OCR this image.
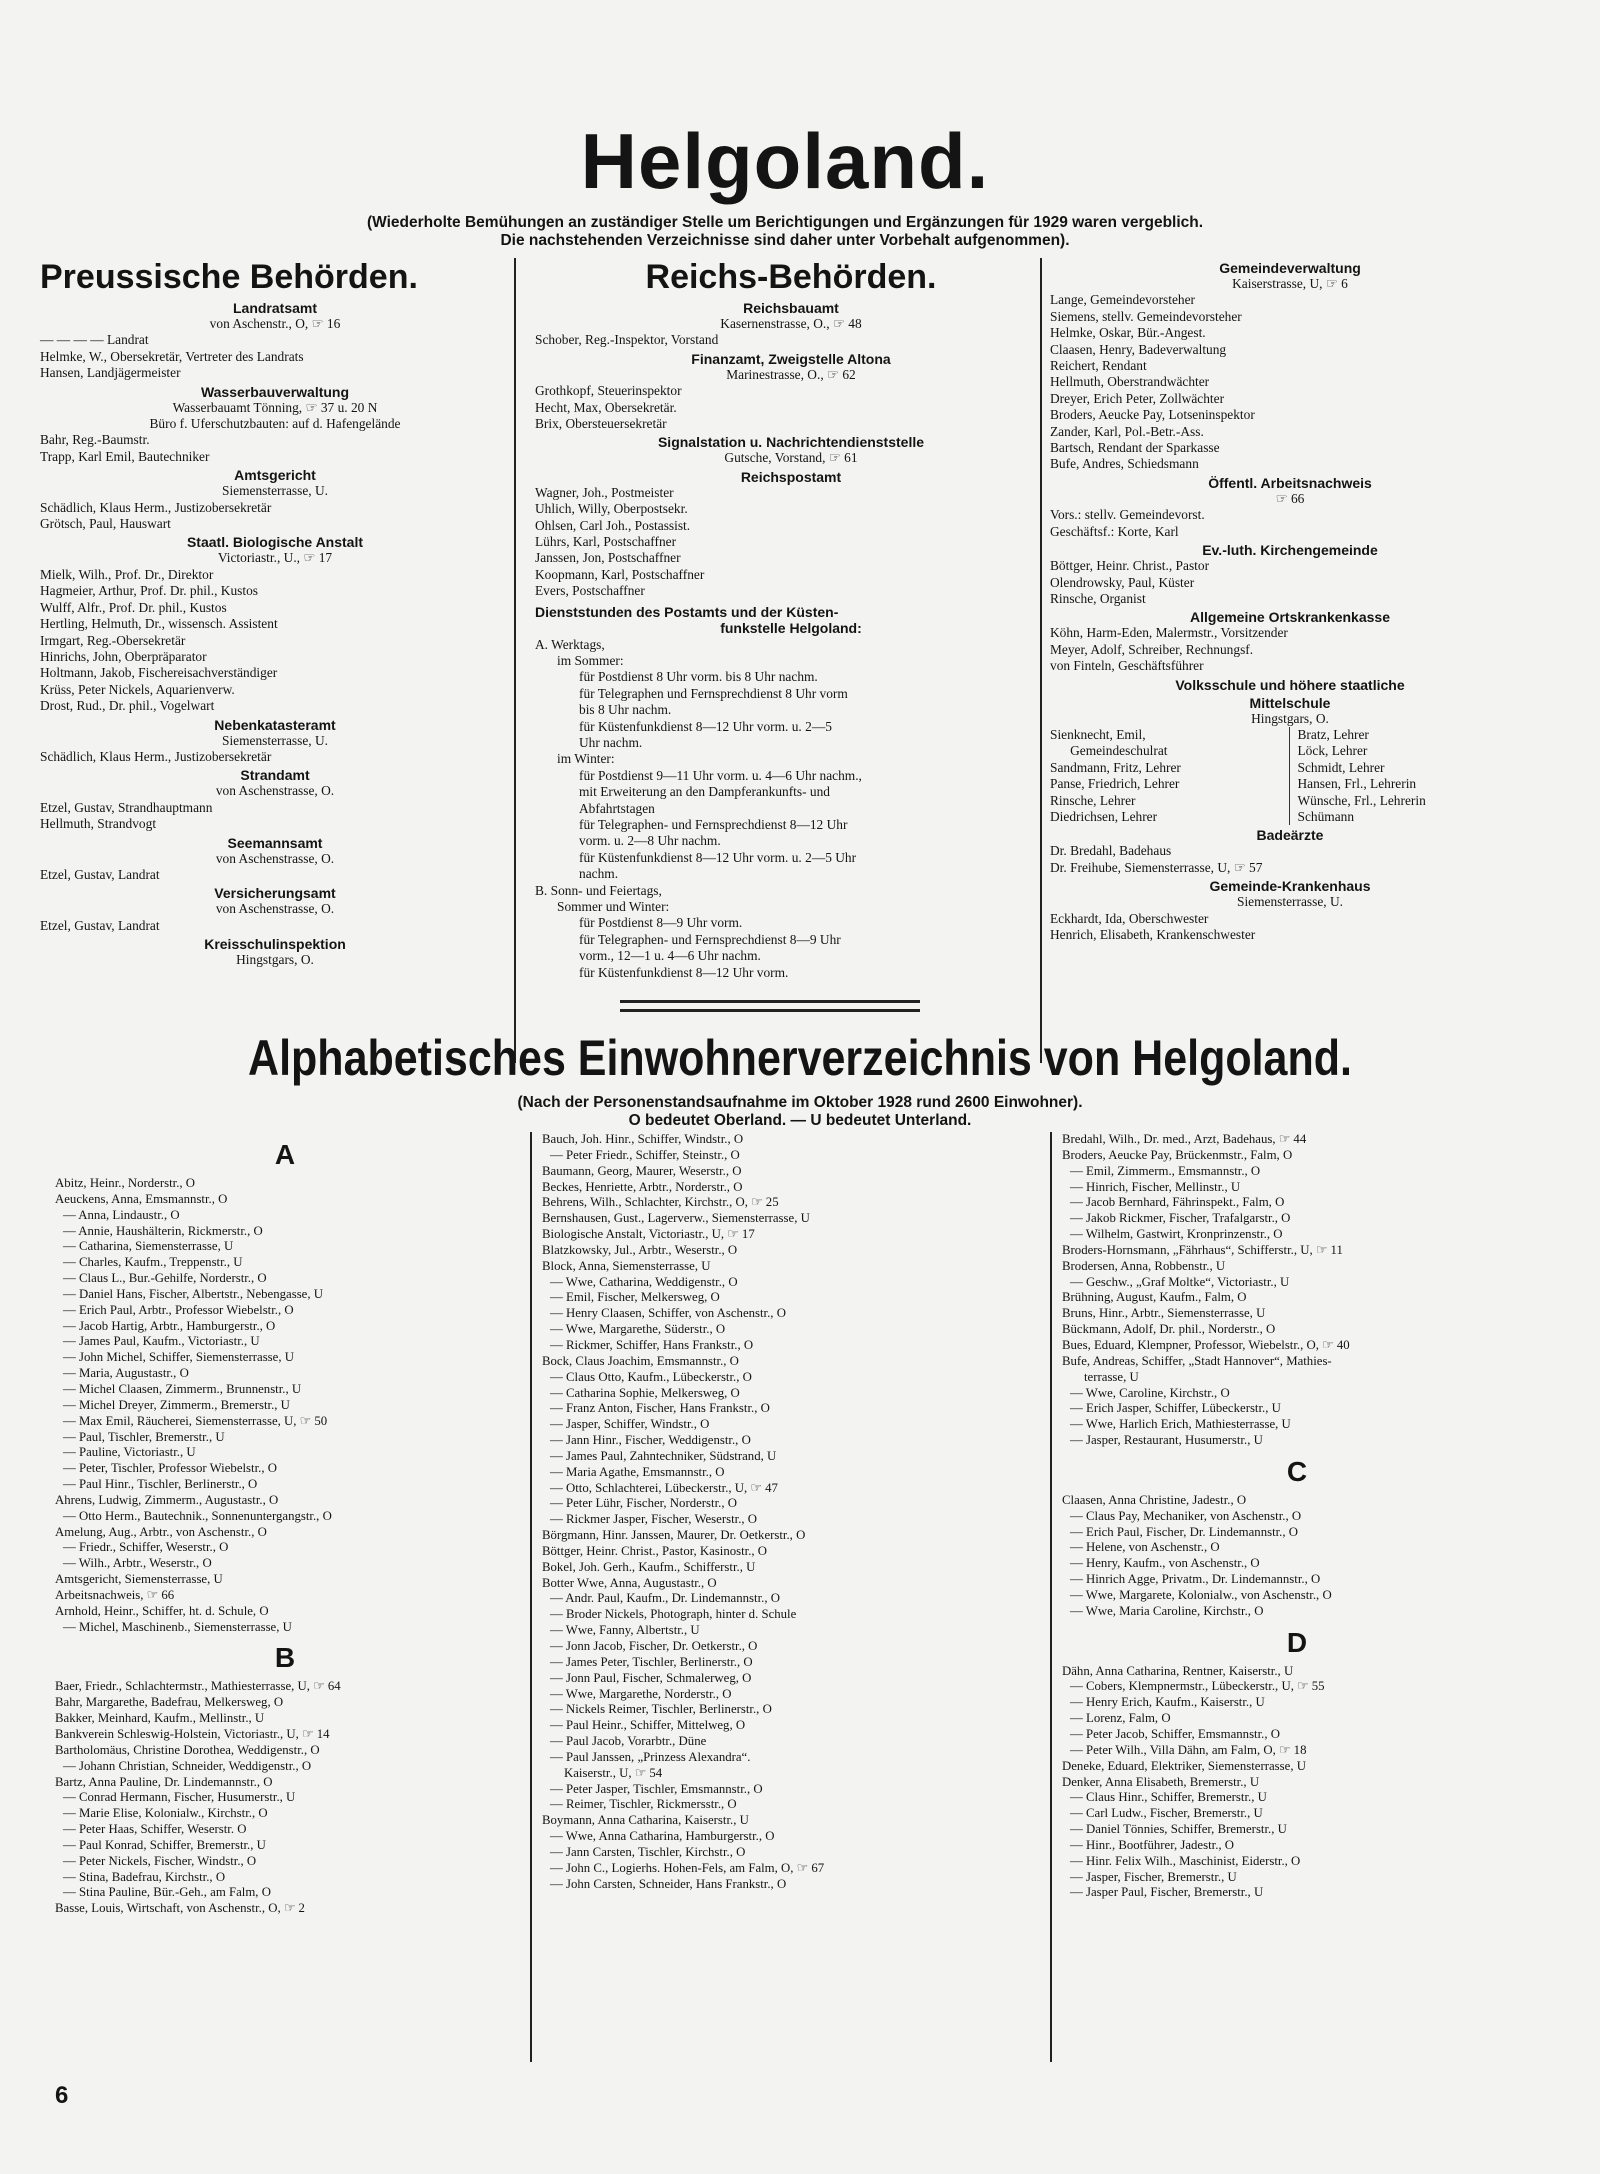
Helgoland.
(Wiederholte Bemühungen an zuständiger Stelle um Berichtigungen und Ergänzungen für 1929 waren vergeblich.
Die nachstehenden Verzeichnisse sind daher unter Vorbehalt aufgenommen).
Preussische Behörden.
Landratsamt
von Aschenstr., O, ☞ 16
— — — — Landrat
Helmke, W., Obersekretär, Vertreter des Landrats
Hansen, Landjägermeister
Wasserbauverwaltung
Wasserbauamt Tönning, ☞ 37 u. 20 N
Büro f. Uferschutzbauten: auf d. Hafengelände
Bahr, Reg.-Baumstr.
Trapp, Karl Emil, Bautechniker
Amtsgericht
Siemensterrasse, U.
Schädlich, Klaus Herm., Justizobersekretär
Grötsch, Paul, Hauswart
Staatl. Biologische Anstalt
Victoriastr., U., ☞ 17
Mielk, Wilh., Prof. Dr., Direktor
Hagmeier, Arthur, Prof. Dr. phil., Kustos
Wulff, Alfr., Prof. Dr. phil., Kustos
Hertling, Helmuth, Dr., wissensch. Assistent
Irmgart, Reg.-Obersekretär
Hinrichs, John, Oberpräparator
Holtmann, Jakob, Fischereisachverständiger
Krüss, Peter Nickels, Aquarienverw.
Drost, Rud., Dr. phil., Vogelwart
Nebenkatasteramt
Siemensterrasse, U.
Schädlich, Klaus Herm., Justizobersekretär
Strandamt
von Aschenstrasse, O.
Etzel, Gustav, Strandhauptmann
Hellmuth, Strandvogt
Seemannsamt
von Aschenstrasse, O.
Etzel, Gustav, Landrat
Versicherungsamt
von Aschenstrasse, O.
Etzel, Gustav, Landrat
Kreisschulinspektion
Hingstgars, O.
Reichs-Behörden.
Reichsbauamt
Kasernenstrasse, O., ☞ 48
Schober, Reg.-Inspektor, Vorstand
Finanzamt, Zweigstelle Altona
Marinestrasse, O., ☞ 62
Grothkopf, Steuerinspektor
Hecht, Max, Obersekretär.
Brix, Obersteuersekretär
Signalstation u. Nachrichtendienststelle
Gutsche, Vorstand, ☞ 61
Reichspostamt
Wagner, Joh., Postmeister
Uhlich, Willy, Oberpostsekr.
Ohlsen, Carl Joh., Postassist.
Lührs, Karl, Postschaffner
Janssen, Jon, Postschaffner
Koopmann, Karl, Postschaffner
Evers, Postschaffner
Dienststunden des Postamts und der Küsten-
funkstelle Helgoland:
A. Werktags,
im Sommer:
für Postdienst 8 Uhr vorm. bis 8 Uhr nachm.
für Telegraphen und Fernsprechdienst 8 Uhr vorm
bis 8 Uhr nachm.
für Küstenfunkdienst 8—12 Uhr vorm. u. 2—5
Uhr nachm.
im Winter:
für Postdienst 9—11 Uhr vorm. u. 4—6 Uhr nachm.,
mit Erweiterung an den Dampferankunfts- und
Abfahrtstagen
für Telegraphen- und Fernsprechdienst 8—12 Uhr
vorm. u. 2—8 Uhr nachm.
für Küstenfunkdienst 8—12 Uhr vorm. u. 2—5 Uhr
nachm.
B. Sonn- und Feiertags,
Sommer und Winter:
für Postdienst 8—9 Uhr vorm.
für Telegraphen- und Fernsprechdienst 8—9 Uhr
vorm., 12—1 u. 4—6 Uhr nachm.
für Küstenfunkdienst 8—12 Uhr vorm.
Gemeindeverwaltung
Kaiserstrasse, U, ☞ 6
Lange, Gemeindevorsteher
Siemens, stellv. Gemeindevorsteher
Helmke, Oskar, Bür.-Angest.
Claasen, Henry, Badeverwaltung
Reichert, Rendant
Hellmuth, Oberstrandwächter
Dreyer, Erich Peter, Zollwächter
Broders, Aeucke Pay, Lotseninspektor
Zander, Karl, Pol.-Betr.-Ass.
Bartsch, Rendant der Sparkasse
Bufe, Andres, Schiedsmann
Öffentl. Arbeitsnachweis
☞ 66
Vors.: stellv. Gemeindevorst.
Geschäftsf.: Korte, Karl
Ev.-luth. Kirchengemeinde
Böttger, Heinr. Christ., Pastor
Olendrowsky, Paul, Küster
Rinsche, Organist
Allgemeine Ortskrankenkasse
Köhn, Harm-Eden, Malermstr., Vorsitzender
Meyer, Adolf, Schreiber, Rechnungsf.
von Finteln, Geschäftsführer
Volksschule und höhere staatliche
Mittelschule
Hingstgars, O.
Sienknecht, Emil,
Gemeindeschulrat
Sandmann, Fritz, Lehrer
Panse, Friedrich, Lehrer
Rinsche, Lehrer
Diedrichsen, Lehrer
Bratz, Lehrer
Löck, Lehrer
Schmidt, Lehrer
Hansen, Frl., Lehrerin
Wünsche, Frl., Lehrerin
Schümann
Badeärzte
Dr. Bredahl, Badehaus
Dr. Freihube, Siemensterrasse, U, ☞ 57
Gemeinde-Krankenhaus
Siemensterrasse, U.
Eckhardt, Ida, Oberschwester
Henrich, Elisabeth, Krankenschwester
Alphabetisches Einwohnerverzeichnis von Helgoland.
(Nach der Personenstandsaufnahme im Oktober 1928 rund 2600 Einwohner).
O bedeutet Oberland. — U bedeutet Unterland.
A
Abitz, Heinr., Norderstr., O
Aeuckens, Anna, Emsmannstr., O
— Anna, Lindaustr., O
— Annie, Haushälterin, Rickmerstr., O
— Catharina, Siemensterrasse, U
— Charles, Kaufm., Treppenstr., U
— Claus L., Bur.-Gehilfe, Norderstr., O
— Daniel Hans, Fischer, Albertstr., Nebengasse, U
— Erich Paul, Arbtr., Professor Wiebelstr., O
— Jacob Hartig, Arbtr., Hamburgerstr., O
— James Paul, Kaufm., Victoriastr., U
— John Michel, Schiffer, Siemensterrasse, U
— Maria, Augustastr., O
— Michel Claasen, Zimmerm., Brunnenstr., U
— Michel Dreyer, Zimmerm., Bremerstr., U
— Max Emil, Räucherei, Siemensterrasse, U, ☞ 50
— Paul, Tischler, Bremerstr., U
— Pauline, Victoriastr., U
— Peter, Tischler, Professor Wiebelstr., O
— Paul Hinr., Tischler, Berlinerstr., O
Ahrens, Ludwig, Zimmerm., Augustastr., O
— Otto Herm., Bautechnik., Sonnenuntergangstr., O
Amelung, Aug., Arbtr., von Aschenstr., O
— Friedr., Schiffer, Weserstr., O
— Wilh., Arbtr., Weserstr., O
Amtsgericht, Siemensterrasse, U
Arbeitsnachweis, ☞ 66
Arnhold, Heinr., Schiffer, ht. d. Schule, O
— Michel, Maschinenb., Siemensterrasse, U
B
Baer, Friedr., Schlachtermstr., Mathiesterrasse, U, ☞ 64
Bahr, Margarethe, Badefrau, Melkersweg, O
Bakker, Meinhard, Kaufm., Mellinstr., U
Bankverein Schleswig-Holstein, Victoriastr., U, ☞ 14
Bartholomäus, Christine Dorothea, Weddigenstr., O
— Johann Christian, Schneider, Weddigenstr., O
Bartz, Anna Pauline, Dr. Lindemannstr., O
— Conrad Hermann, Fischer, Husumerstr., U
— Marie Elise, Kolonialw., Kirchstr., O
— Peter Haas, Schiffer, Weserstr. O
— Paul Konrad, Schiffer, Bremerstr., U
— Peter Nickels, Fischer, Windstr., O
— Stina, Badefrau, Kirchstr., O
— Stina Pauline, Bür.-Geh., am Falm, O
Basse, Louis, Wirtschaft, von Aschenstr., O, ☞ 2
Bauch, Joh. Hinr., Schiffer, Windstr., O
— Peter Friedr., Schiffer, Steinstr., O
Baumann, Georg, Maurer, Weserstr., O
Beckes, Henriette, Arbtr., Norderstr., O
Behrens, Wilh., Schlachter, Kirchstr., O, ☞ 25
Bernshausen, Gust., Lagerverw., Siemensterrasse, U
Biologische Anstalt, Victoriastr., U, ☞ 17
Blatzkowsky, Jul., Arbtr., Weserstr., O
Block, Anna, Siemensterrasse, U
— Wwe, Catharina, Weddigenstr., O
— Emil, Fischer, Melkersweg, O
— Henry Claasen, Schiffer, von Aschenstr., O
— Wwe, Margarethe, Süderstr., O
— Rickmer, Schiffer, Hans Frankstr., O
Bock, Claus Joachim, Emsmannstr., O
— Claus Otto, Kaufm., Lübeckerstr., O
— Catharina Sophie, Melkersweg, O
— Franz Anton, Fischer, Hans Frankstr., O
— Jasper, Schiffer, Windstr., O
— Jann Hinr., Fischer, Weddigenstr., O
— James Paul, Zahntechniker, Südstrand, U
— Maria Agathe, Emsmannstr., O
— Otto, Schlachterei, Lübeckerstr., U, ☞ 47
— Peter Lühr, Fischer, Norderstr., O
— Rickmer Jasper, Fischer, Weserstr., O
Börgmann, Hinr. Janssen, Maurer, Dr. Oetkerstr., O
Böttger, Heinr. Christ., Pastor, Kasinostr., O
Bokel, Joh. Gerh., Kaufm., Schifferstr., U
Botter Wwe, Anna, Augustastr., O
— Andr. Paul, Kaufm., Dr. Lindemannstr., O
— Broder Nickels, Photograph, hinter d. Schule
— Wwe, Fanny, Albertstr., U
— Jonn Jacob, Fischer, Dr. Oetkerstr., O
— James Peter, Tischler, Berlinerstr., O
— Jonn Paul, Fischer, Schmalerweg, O
— Wwe, Margarethe, Norderstr., O
— Nickels Reimer, Tischler, Berlinerstr., O
— Paul Heinr., Schiffer, Mittelweg, O
— Paul Jacob, Vorarbtr., Düne
— Paul Janssen, „Prinzess Alexandra“.
Kaiserstr., U, ☞ 54
— Peter Jasper, Tischler, Emsmannstr., O
— Reimer, Tischler, Rickmersstr., O
Boymann, Anna Catharina, Kaiserstr., U
— Wwe, Anna Catharina, Hamburgerstr., O
— Jann Carsten, Tischler, Kirchstr., O
— John C., Logierhs. Hohen-Fels, am Falm, O, ☞ 67
— John Carsten, Schneider, Hans Frankstr., O
Bredahl, Wilh., Dr. med., Arzt, Badehaus, ☞ 44
Broders, Aeucke Pay, Brückenmstr., Falm, O
— Emil, Zimmerm., Emsmannstr., O
— Hinrich, Fischer, Mellinstr., U
— Jacob Bernhard, Fährinspekt., Falm, O
— Jakob Rickmer, Fischer, Trafalgarstr., O
— Wilhelm, Gastwirt, Kronprinzenstr., O
Broders-Hornsmann, „Fährhaus“, Schifferstr., U, ☞ 11
Brodersen, Anna, Robbenstr., U
— Geschw., „Graf Moltke“, Victoriastr., U
Brühning, August, Kaufm., Falm, O
Bruns, Hinr., Arbtr., Siemensterrasse, U
Bückmann, Adolf, Dr. phil., Norderstr., O
Bues, Eduard, Klempner, Professor, Wiebelstr., O, ☞ 40
Bufe, Andreas, Schiffer, „Stadt Hannover“, Mathies-
terrasse, U
— Wwe, Caroline, Kirchstr., O
— Erich Jasper, Schiffer, Lübeckerstr., U
— Wwe, Harlich Erich, Mathiesterrasse, U
— Jasper, Restaurant, Husumerstr., U
C
Claasen, Anna Christine, Jadestr., O
— Claus Pay, Mechaniker, von Aschenstr., O
— Erich Paul, Fischer, Dr. Lindemannstr., O
— Helene, von Aschenstr., O
— Henry, Kaufm., von Aschenstr., O
— Hinrich Agge, Privatm., Dr. Lindemannstr., O
— Wwe, Margarete, Kolonialw., von Aschenstr., O
— Wwe, Maria Caroline, Kirchstr., O
D
Dähn, Anna Catharina, Rentner, Kaiserstr., U
— Cobers, Klempnermstr., Lübeckerstr., U, ☞ 55
— Henry Erich, Kaufm., Kaiserstr., U
— Lorenz, Falm, O
— Peter Jacob, Schiffer, Emsmannstr., O
— Peter Wilh., Villa Dähn, am Falm, O, ☞ 18
Deneke, Eduard, Elektriker, Siemensterrasse, U
Denker, Anna Elisabeth, Bremerstr., U
— Claus Hinr., Schiffer, Bremerstr., U
— Carl Ludw., Fischer, Bremerstr., U
— Daniel Tönnies, Schiffer, Bremerstr., U
— Hinr., Bootführer, Jadestr., O
— Hinr. Felix Wilh., Maschinist, Eiderstr., O
— Jasper, Fischer, Bremerstr., U
— Jasper Paul, Fischer, Bremerstr., U
6
